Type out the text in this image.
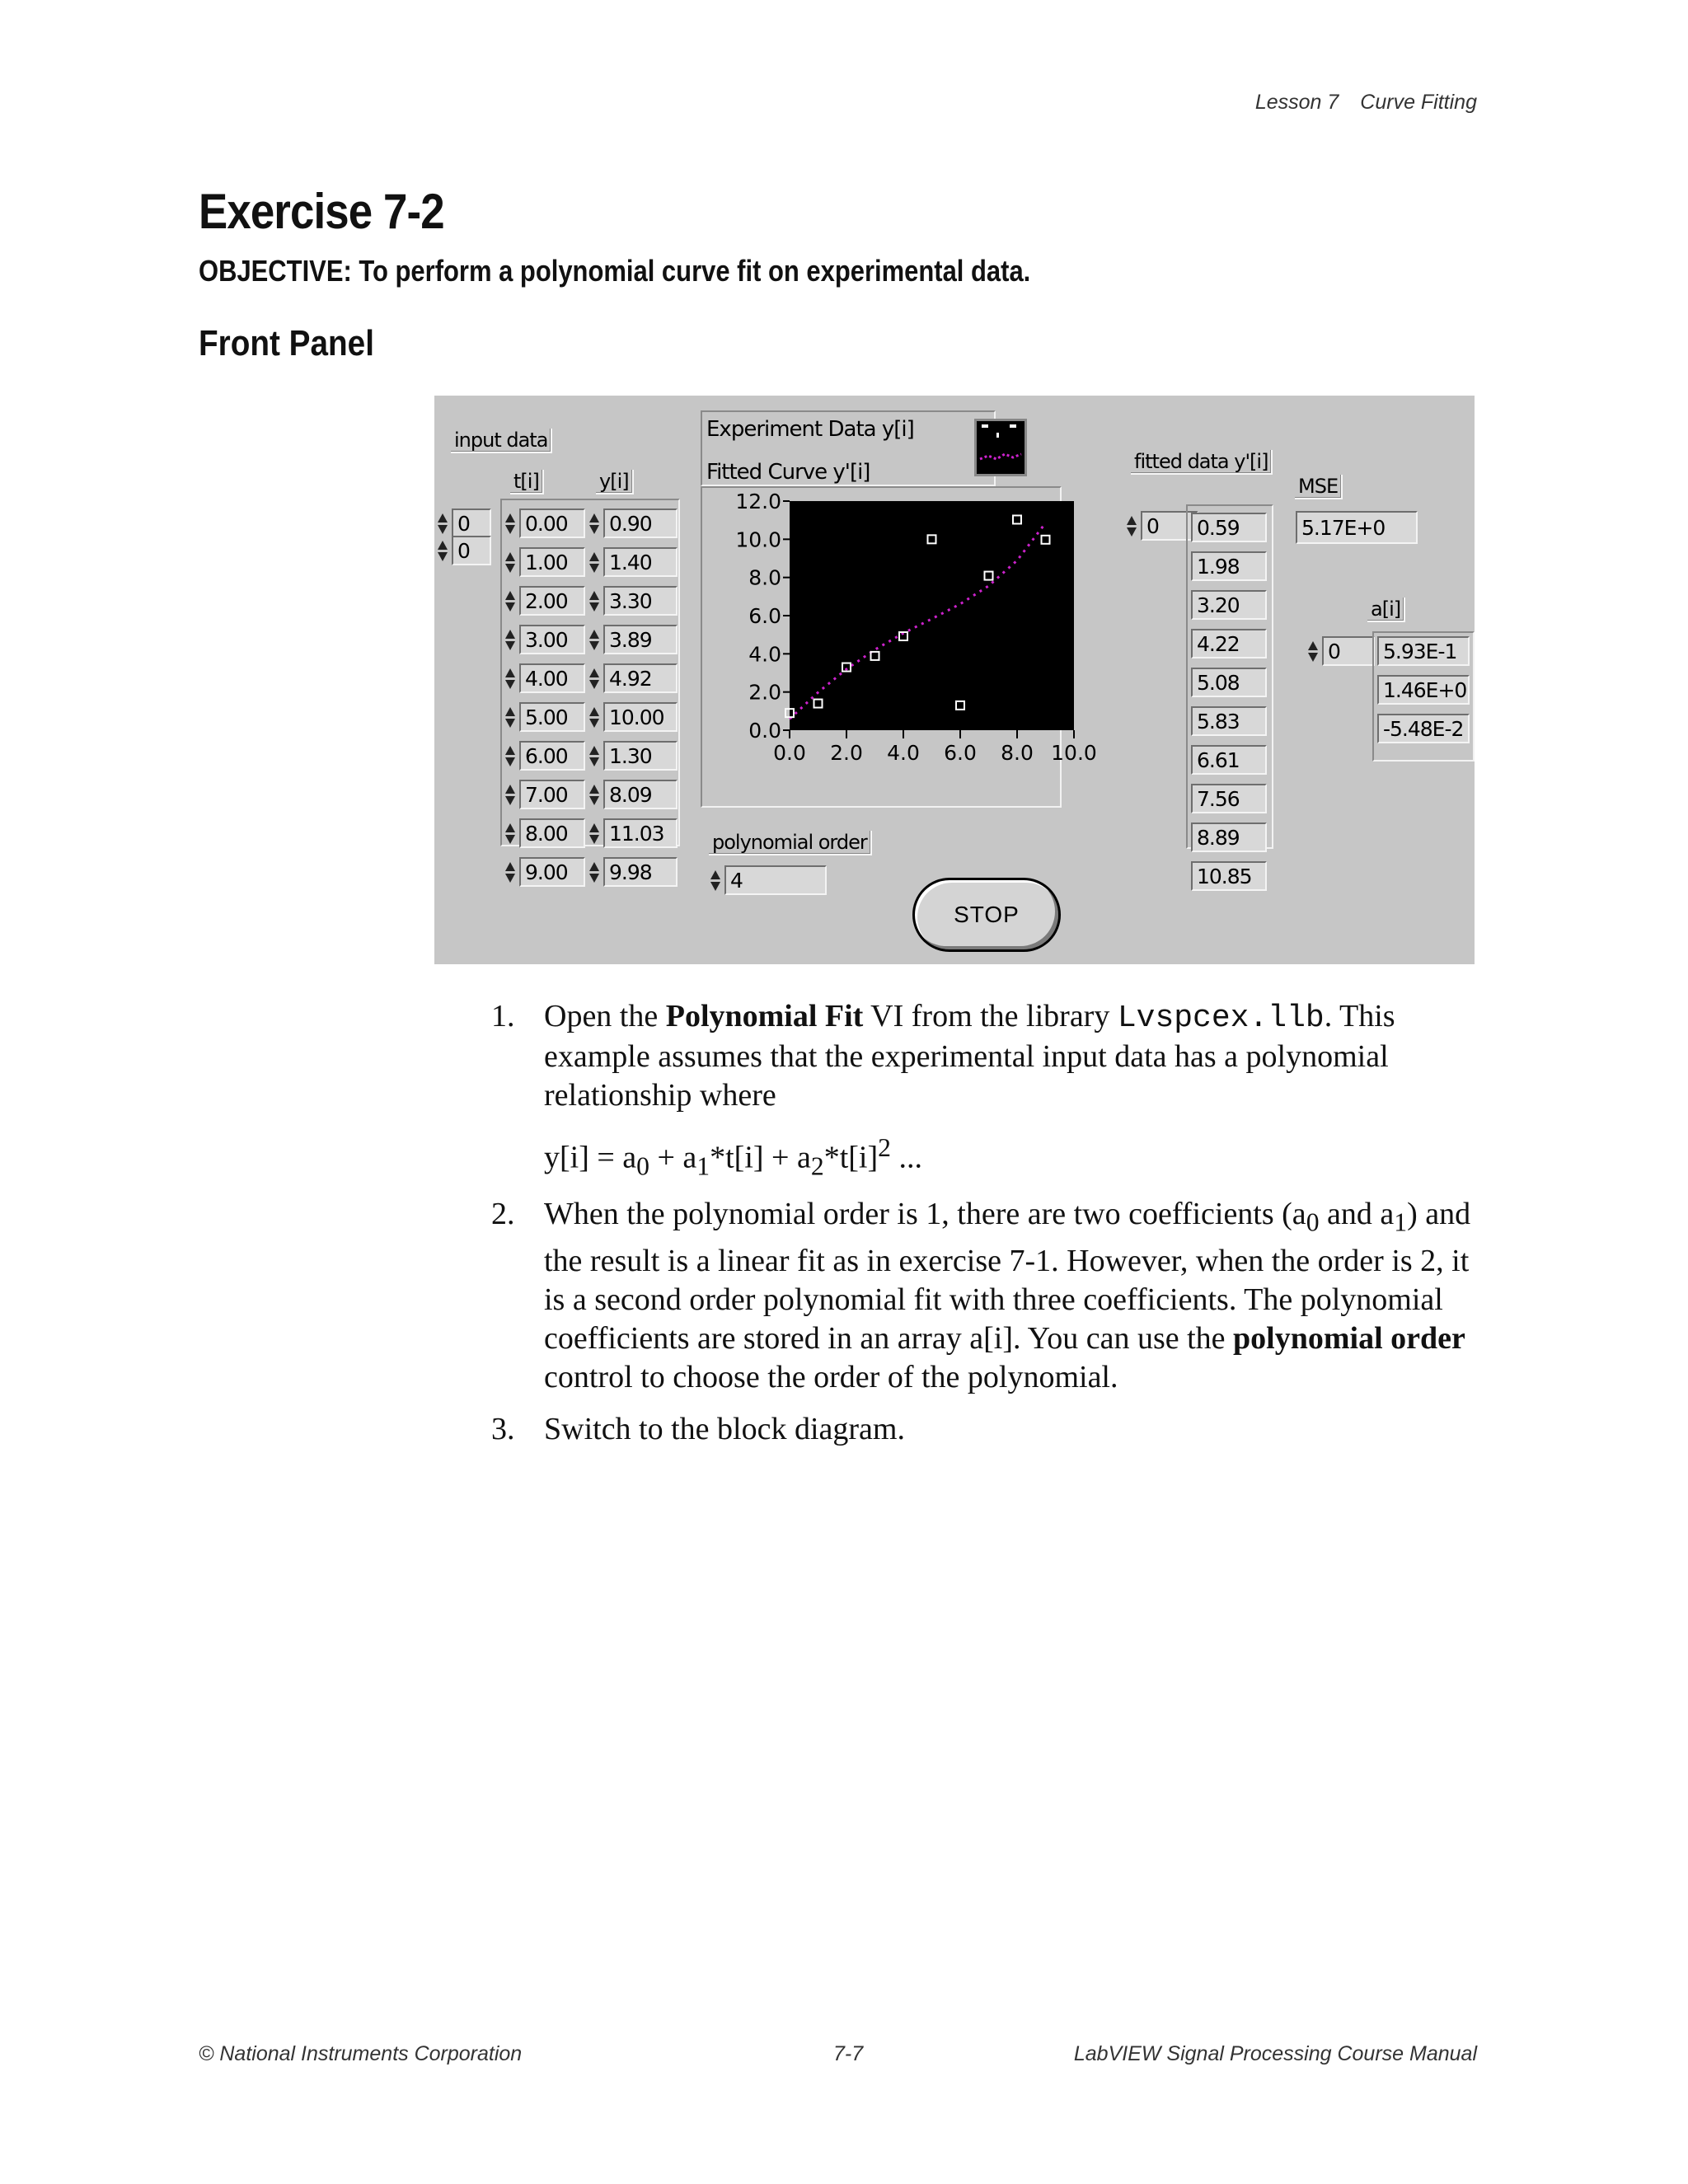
Lesson 7 Curve Fitting
Exercise 7-2
OBJECTIVE: To perform a polynomial curve fit on experimental data.
Front Panel
input data
t[i]	y[i]
0
0
0.00	0.90
1.00	1.40
2.00	3.30
3.00	3.89
4.00	4.92
5.00	10.00
6.00	1.30
7.00	8.09
8.00	11.03
9.00	9.98
Experiment Data y[i]
Fitted Curve y'[i]
0.0
2.0
4.0
6.0
8.0
10.0
12.0
0.0 2.0 4.0 6.0 8.0 10.0
polynomial order
4
STOP
fitted data y'[i]
0	0.59
1.98
3.20
4.22
5.08
5.83
6.61
7.56
8.89
10.85
MSE
5.17E+0
a[i]
0	5.93E-1
1.46E+0
-5.48E-2
1. Open the Polynomial Fit VI from the library Lvspcex.llb. This example assumes that the experimental input data has a polynomial relationship where
$y[i] = a_0 + a_1*t[i] + a_2*t[i]^2$ ...
2. When the polynomial order is 1, there are two coefficients ($a_0$ and $a_1$) and the result is a linear fit as in exercise 7-1. However, when the order is 2, it is a second order polynomial fit with three coefficients. The polynomial coefficients are stored in an array a[i]. You can use the polynomial order control to choose the order of the polynomial.
3. Switch to the block diagram.
© National Instruments Corporation	7-7	LabVIEW Signal Processing Course Manual
